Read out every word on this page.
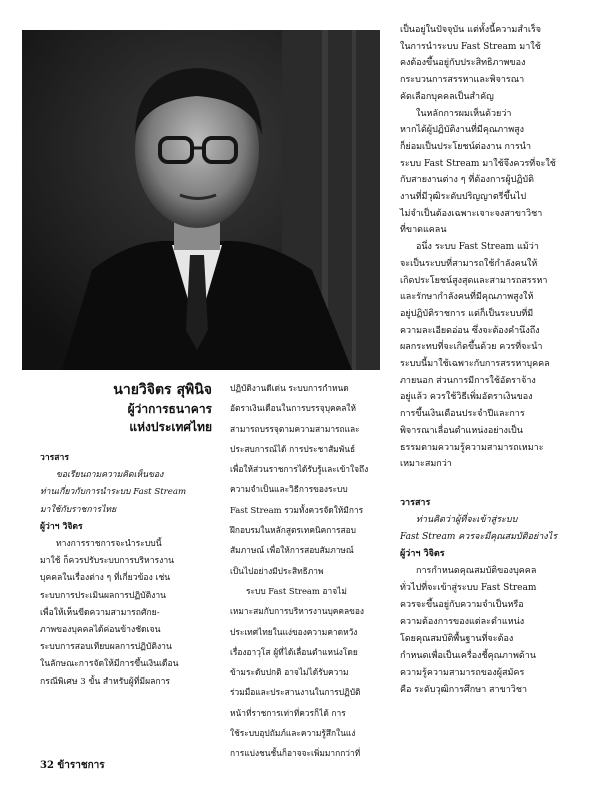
เป็นอยู่ในปัจจุบัน แต่ทั้งนี้ความสำเร็จ

ในการนำระบบ Fast Stream มาใช้

คงต้องขึ้นอยู่กับประสิทธิภาพของ

กระบวนการสรรหาและพิจารณา

คัดเลือกบุคคลเป็นสำคัญ

ในหลักการผมเห็นด้วยว่า

หากได้ผู้ปฏิบัติงานที่มีคุณภาพสูง

ก็ย่อมเป็นประโยชน์ต่องาน การนำ

ระบบ Fast Stream มาใช้จึงควรที่จะใช้

กับสายงานต่าง ๆ ที่ต้องการผู้ปฏิบัติ

งานที่มีวุฒิระดับปริญญาตรีขึ้นไป

ไม่จำเป็นต้องเฉพาะเจาะจงสาขาวิชา

ที่ขาดแคลน

อนึ่ง ระบบ Fast Stream แม้ว่า

จะเป็นระบบที่สามารถใช้กำลังคนให้

เกิดประโยชน์สูงสุดและสามารถสรรหา

และรักษากำลังคนที่มีคุณภาพสูงให้

อยู่ปฏิบัติราชการ แต่ก็เป็นระบบที่มี

ความละเอียดอ่อน ซึ่งจะต้องคำนึงถึง

ผลกระทบที่จะเกิดขึ้นด้วย ควรที่จะนำ

ระบบนี้มาใช้เฉพาะกับการสรรหาบุคคล

ภายนอก ส่วนการมีการใช้อัตราจ้าง

อยู่แล้ว ควรใช้วิธีเพิ่มอัตราเงินของ

การขึ้นเงินเดือนประจำปีและการ

พิจารณาเลื่อนตำแหน่งอย่างเป็น

ธรรมตามความรู้ความสามารถเหมาะ

เหมาะสมกว่า

วารสาร

ท่านคิดว่าผู้ที่จะเข้าสู่ระบบ

Fast Stream ควรจะมีคุณสมบัติอย่างไร

ผู้ว่าฯ วิจิตร

การกำหนดคุณสมบัติของบุคคล

ทั่วไปที่จะเข้าสู่ระบบ Fast Stream

ควรจะขึ้นอยู่กับความจำเป็นหรือ

ความต้องการของแต่ละตำแหน่ง

โดยคุณสมบัติพื้นฐานที่จะต้อง

กำหนดเพื่อเป็นเครื่องชี้คุณภาพด้าน

ความรู้ความสามารถของผู้สมัคร

คือ ระดับวุฒิการศึกษา สาขาวิชา

นายวิจิตร สุพินิจ
ผู้ว่าการธนาคาร
แห่งประเทศไทย

วารสาร

ขอเรียนถามความคิดเห็นของ

ท่านเกี่ยวกับการนำระบบ Fast Stream

มาใช้กับราชการไทย

ผู้ว่าฯ วิจิตร

ทางการราชการจะนำระบบนี้

มาใช้ ก็ควรปรับระบบการบริหารงาน

บุคคลในเรื่องต่าง ๆ ที่เกี่ยวข้อง เช่น

ระบบการประเมินผลการปฏิบัติงาน

เพื่อให้เห็นขีดความสามารถศักย-

ภาพของบุคคลได้ค่อนข้างชัดเจน

ระบบการสอบเทียบผลการปฏิบัติงาน

ในลักษณะการจัดให้มีการขึ้นเงินเดือน

กรณีพิเศษ 3 ขั้น สำหรับผู้ที่มีผลการ

ปฏิบัติงานดีเด่น ระบบการกำหนด

อัตราเงินเดือนในการบรรจุบุคคลให้

สามารถบรรจุตามความสามารถและ

ประสบการณ์ได้ การประชาสัมพันธ์

เพื่อให้ส่วนราชการได้รับรู้และเข้าใจถึง

ความจำเป็นและวิธีการของระบบ

Fast Stream รวมทั้งควรจัดให้มีการ

ฝึกอบรมในหลักสูตรเทคนิคการสอบ

สัมภาษณ์ เพื่อให้การสอบสัมภาษณ์

เป็นไปอย่างมีประสิทธิภาพ

ระบบ Fast Stream อาจไม่

เหมาะสมกับการบริหารงานบุคคลของ

ประเทศไทยในแง่ของความคาดหวัง

เรื่องอาวุโส ผู้ที่ได้เลื่อนตำแหน่งโดย

ข้ามระดับปกติ อาจไม่ได้รับความ

ร่วมมือและประสานงานในการปฏิบัติ

หน้าที่ราชการเท่าที่ควรก็ได้ การ

ใช้ระบบอุปถัมภ์และความรู้สึกในแง่

การแบ่งชนชั้นก็อาจจะเพิ่มมากกว่าที่

32 ข้าราชการ
